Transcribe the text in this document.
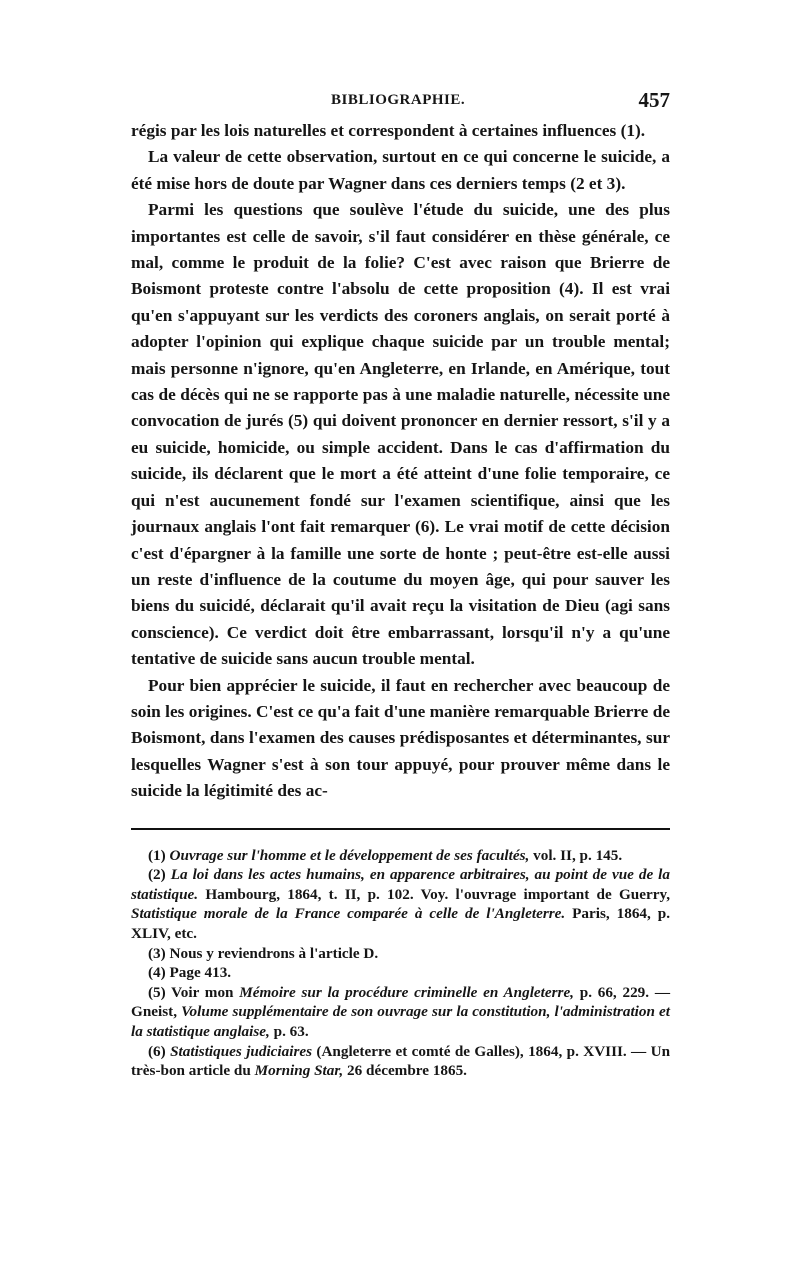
BIBLIOGRAPHIE.	457

régis par les lois naturelles et correspondent à certaines influences (1).

La valeur de cette observation, surtout en ce qui concerne le suicide, a été mise hors de doute par Wagner dans ces derniers temps (2 et 3).

Parmi les questions que soulève l'étude du suicide, une des plus importantes est celle de savoir, s'il faut considérer en thèse générale, ce mal, comme le produit de la folie? C'est avec raison que Brierre de Boismont proteste contre l'absolu de cette proposition (4). Il est vrai qu'en s'appuyant sur les verdicts des coroners anglais, on serait porté à adopter l'opinion qui explique chaque suicide par un trouble mental; mais personne n'ignore, qu'en Angleterre, en Irlande, en Amérique, tout cas de décès qui ne se rapporte pas à une maladie naturelle, nécessite une convocation de jurés (5) qui doivent prononcer en dernier ressort, s'il y a eu suicide, homicide, ou simple accident. Dans le cas d'affirmation du suicide, ils déclarent que le mort a été atteint d'une folie temporaire, ce qui n'est aucunement fondé sur l'examen scientifique, ainsi que les journaux anglais l'ont fait remarquer (6). Le vrai motif de cette décision c'est d'épargner à la famille une sorte de honte ; peut-être est-elle aussi un reste d'influence de la coutume du moyen âge, qui pour sauver les biens du suicidé, déclarait qu'il avait reçu la visitation de Dieu (agi sans conscience). Ce verdict doit être embarrassant, lorsqu'il n'y a qu'une tentative de suicide sans aucun trouble mental.

Pour bien apprécier le suicide, il faut en rechercher avec beaucoup de soin les origines. C'est ce qu'a fait d'une manière remarquable Brierre de Boismont, dans l'examen des causes prédisposantes et déterminantes, sur lesquelles Wagner s'est à son tour appuyé, pour prouver même dans le suicide la légitimité des ac-

(1) Ouvrage sur l'homme et le développement de ses facultés, vol. II, p. 145.

(2) La loi dans les actes humains, en apparence arbitraires, au point de vue de la statistique. Hambourg, 1864, t. II, p. 102. Voy. l'ouvrage important de Guerry, Statistique morale de la France comparée à celle de l'Angleterre. Paris, 1864, p. XLIV, etc.

(3) Nous y reviendrons à l'article D.

(4) Page 413.

(5) Voir mon Mémoire sur la procédure criminelle en Angleterre, p. 66, 229. — Gneist, Volume supplémentaire de son ouvrage sur la constitution, l'administration et la statistique anglaise, p. 63.

(6) Statistiques judiciaires (Angleterre et comté de Galles), 1864, p. XVIII. — Un très-bon article du Morning Star, 26 décembre 1865.
